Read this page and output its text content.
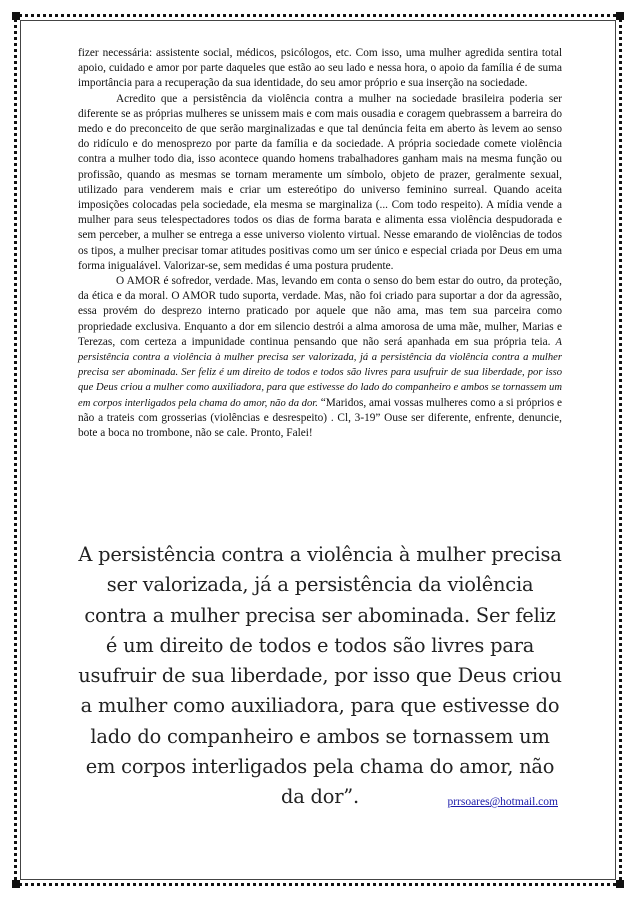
fizer necessária: assistente social, médicos, psicólogos, etc. Com isso, uma mulher agredida sentira total apoio, cuidado e amor por parte daqueles que estão ao seu lado e nessa hora, o apoio da família é de suma importância para a recuperação da sua identidade, do seu amor próprio e sua inserção na sociedade.

Acredito que a persistência da violência contra a mulher na sociedade brasileira poderia ser diferente se as próprias mulheres se unissem mais e com mais ousadia e coragem quebrassem a barreira do medo e do preconceito de que serão marginalizadas e que tal denúncia feita em aberto às levem ao senso do ridículo e do menosprezo por parte da família e da sociedade. A própria sociedade comete violência contra a mulher todo dia, isso acontece quando homens trabalhadores ganham mais na mesma função ou profissão, quando as mesmas se tornam meramente um símbolo, objeto de prazer, geralmente sexual, utilizado para venderem mais e criar um estereótipo do universo feminino surreal. Quando aceita imposições colocadas pela sociedade, ela mesma se marginaliza (... Com todo respeito). A mídia vende a mulher para seus telespectadores todos os dias de forma barata e alimenta essa violência despudorada e sem perceber, a mulher se entrega a esse universo violento virtual. Nesse emarando de violências de todos os tipos, a mulher precisar tomar atitudes positivas como um ser único e especial criada por Deus em uma forma inigualável. Valorizar-se, sem medidas é uma postura prudente.

O AMOR é sofredor, verdade. Mas, levando em conta o senso do bem estar do outro, da proteção, da ética e da moral. O AMOR tudo suporta, verdade. Mas, não foi criado para suportar a dor da agressão, essa provém do desprezo interno praticado por aquele que não ama, mas tem sua parceira como propriedade exclusiva. Enquanto a dor em silencio destrói a alma amorosa de uma mãe, mulher, Marias e Terezas, com certeza a impunidade continua pensando que não será apanhada em sua própria teia. A persistência contra a violência à mulher precisa ser valorizada, já a persistência da violência contra a mulher precisa ser abominada. Ser feliz é um direito de todos e todos são livres para usufruir de sua liberdade, por isso que Deus criou a mulher como auxiliadora, para que estivesse do lado do companheiro e ambos se tornassem um em corpos interligados pela chama do amor, não da dor. “Maridos, amai vossas mulheres como a si próprios e não a trateis com grosserias (violências e desrespeito) . Cl, 3-19” Ouse ser diferente, enfrente, denuncie, bote a boca no trombone, não se cale. Pronto, Falei!

A persistência contra a violência à mulher precisa ser valorizada, já a persistência da violência contra a mulher precisa ser abominada. Ser feliz é um direito de todos e todos são livres para usufruir de sua liberdade, por isso que Deus criou a mulher como auxiliadora, para que estivesse do lado do companheiro e ambos se tornassem um em corpos interligados pela chama do amor, não da dor”.	prrsoares@hotmail.com
